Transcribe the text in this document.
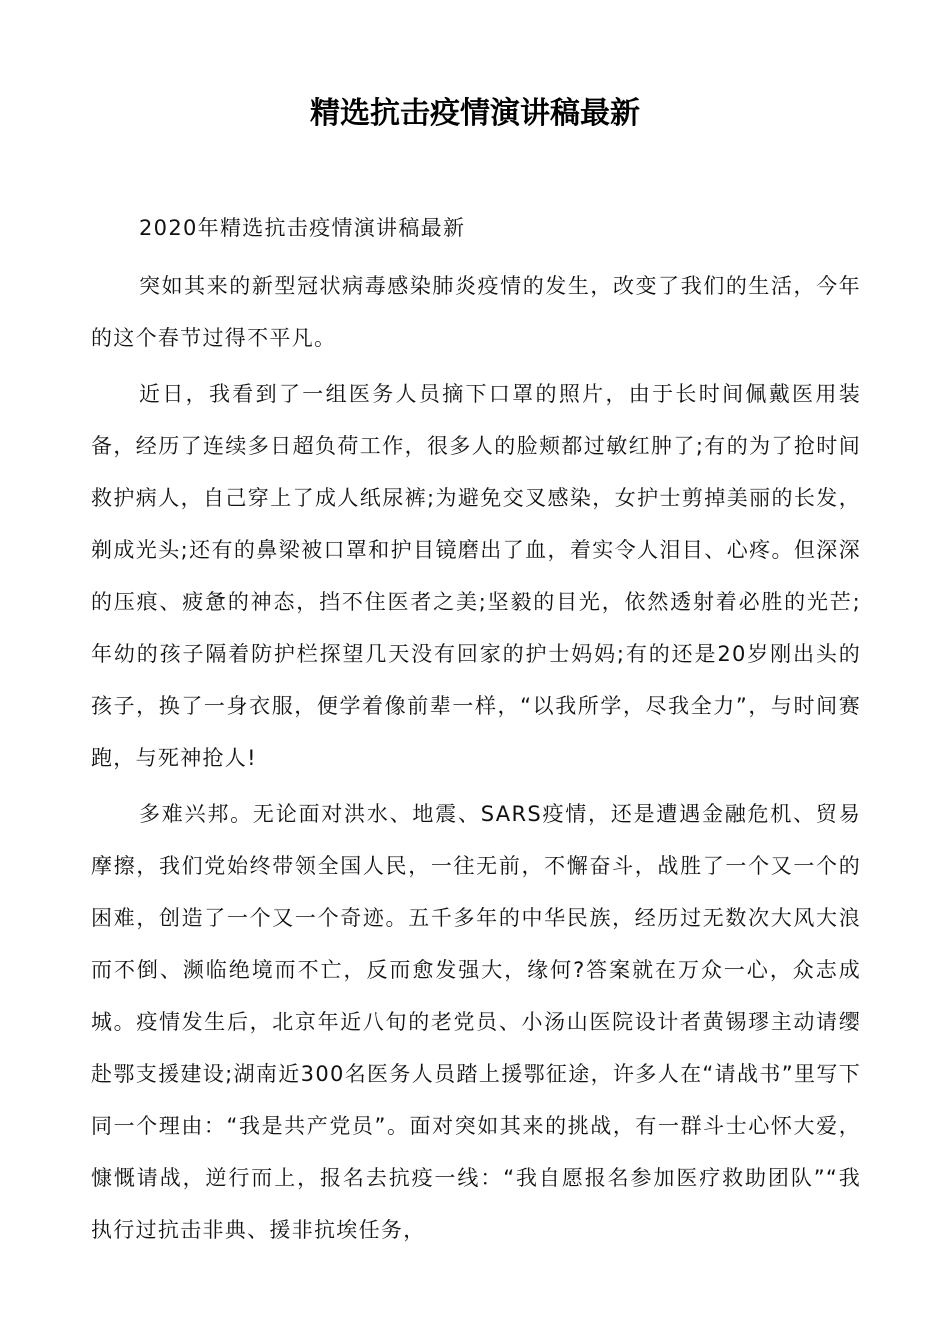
精选抗击疫情演讲稿最新

2020年精选抗击疫情演讲稿最新

突如其来的新型冠状病毒感染肺炎疫情的发生，改变了我们的生活，今年的这个春节过得不平凡。

近日，我看到了一组医务人员摘下口罩的照片，由于长时间佩戴医用装备，经历了连续多日超负荷工作，很多人的脸颊都过敏红肿了;有的为了抢时间救护病人，自己穿上了成人纸尿裤;为避免交叉感染，女护士剪掉美丽的长发，剃成光头;还有的鼻梁被口罩和护目镜磨出了血，着实令人泪目、心疼。但深深的压痕、疲惫的神态，挡不住医者之美;坚毅的目光，依然透射着必胜的光芒;年幼的孩子隔着防护栏探望几天没有回家的护士妈妈;有的还是20岁刚出头的孩子，换了一身衣服，便学着像前辈一样，“以我所学，尽我全力”，与时间赛跑，与死神抢人!

多难兴邦。无论面对洪水、地震、SARS疫情，还是遭遇金融危机、贸易摩擦，我们党始终带领全国人民，一往无前，不懈奋斗，战胜了一个又一个的困难，创造了一个又一个奇迹。五千多年的中华民族，经历过无数次大风大浪而不倒、濒临绝境而不亡，反而愈发强大，缘何?答案就在万众一心，众志成城。疫情发生后，北京年近八旬的老党员、小汤山医院设计者黄锡璆主动请缨赴鄂支援建设;湖南近300名医务人员踏上援鄂征途，许多人在“请战书”里写下同一个理由：“我是共产党员”。面对突如其来的挑战，有一群斗士心怀大爱，慷慨请战，逆行而上，报名去抗疫一线：“我自愿报名参加医疗救助团队”“我执行过抗击非典、援非抗埃任务，
